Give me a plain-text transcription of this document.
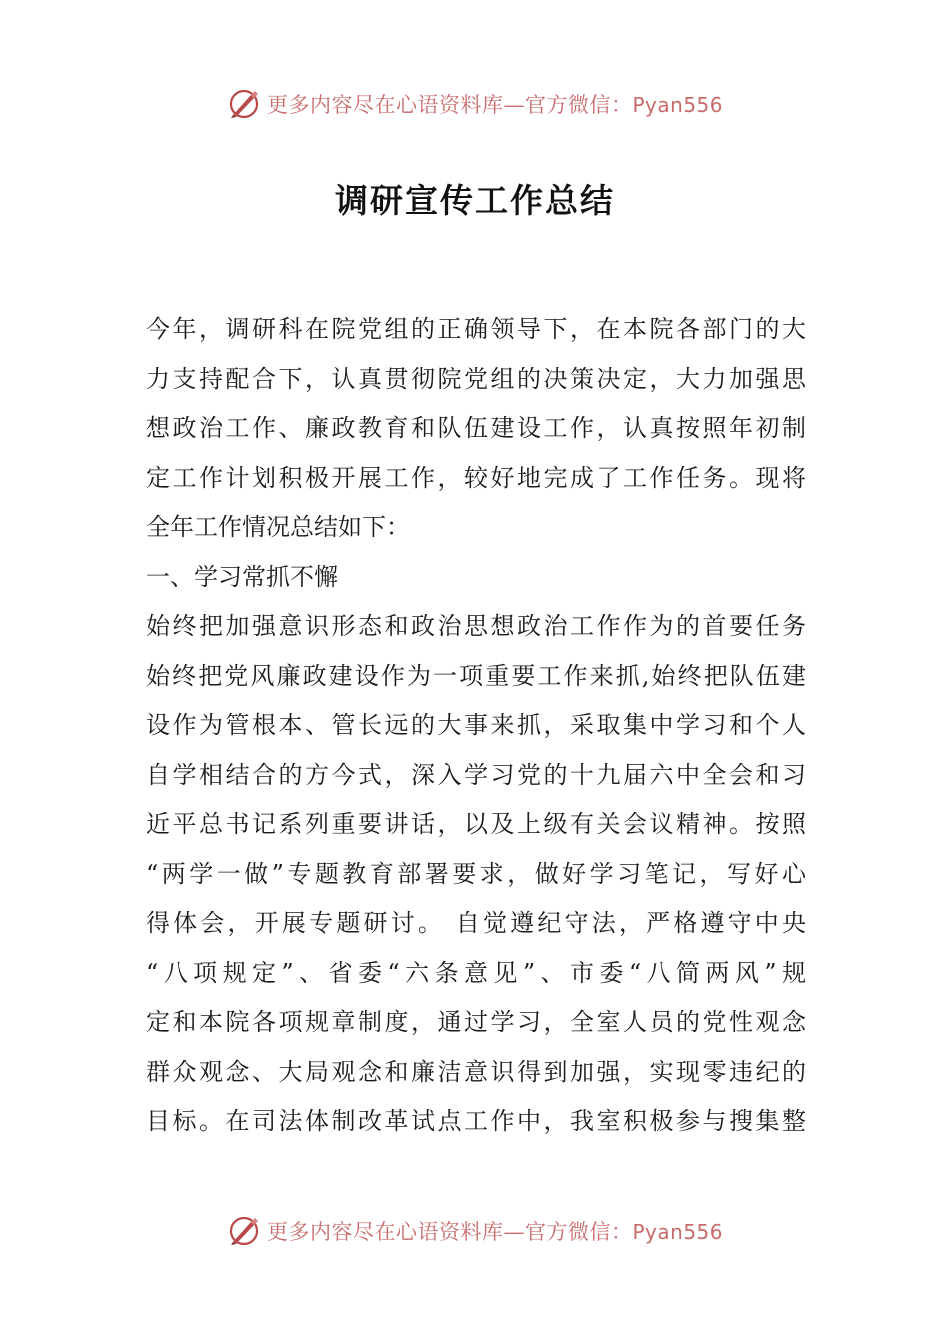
更多内容尽在心语资料库—官方微信：Pyan556
调研宣传工作总结
今年，调研科在院党组的正确领导下，在本院各部门的大
力支持配合下，认真贯彻院党组的决策决定，大力加强思
想政治工作、廉政教育和队伍建设工作，认真按照年初制
定工作计划积极开展工作，较好地完成了工作任务。现将
全年工作情况总结如下：
一、学习常抓不懈
始终把加强意识形态和政治思想政治工作作为的首要任务
始终把党风廉政建设作为一项重要工作来抓,始终把队伍建
设作为管根本、管长远的大事来抓，采取集中学习和个人
自学相结合的方今式，深入学习党的十九届六中全会和习
近平总书记系列重要讲话，以及上级有关会议精神。按照
“两学一做”专题教育部署要求，做好学习笔记，写好心
得体会，开展专题研讨。 自觉遵纪守法，严格遵守中央
“八项规定”、省委“六条意见”、市委“八简两风”规
定和本院各项规章制度，通过学习，全室人员的党性观念
群众观念、大局观念和廉洁意识得到加强，实现零违纪的
目标。在司法体制改革试点工作中，我室积极参与搜集整
更多内容尽在心语资料库—官方微信：Pyan556
